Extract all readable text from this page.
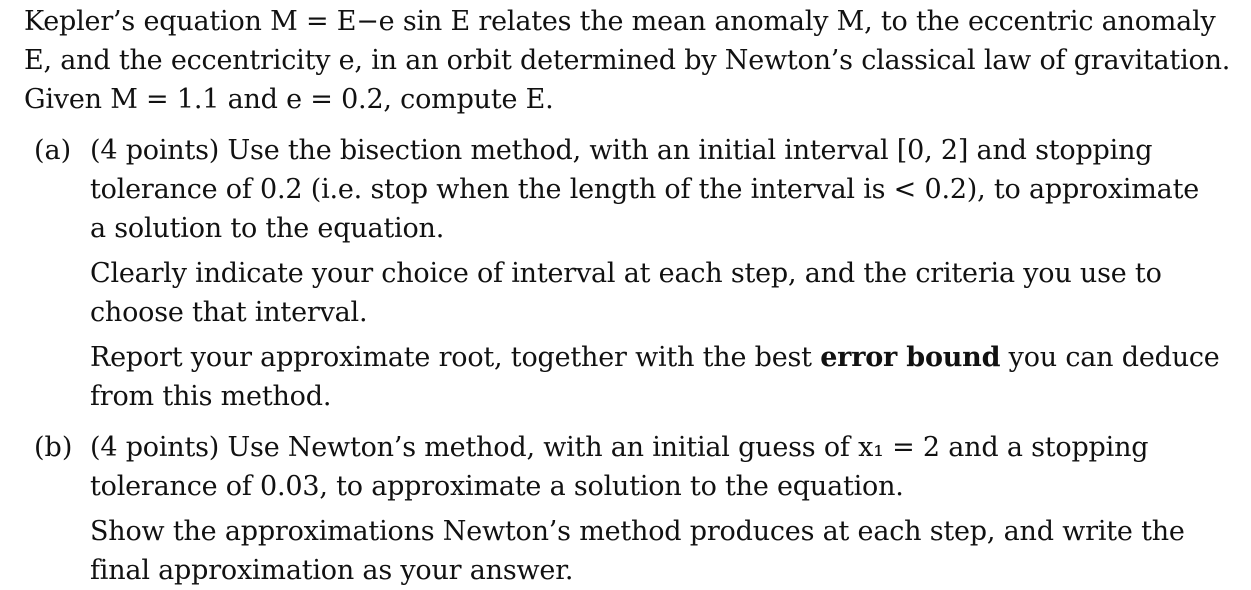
Kepler’s equation M = E−e sin E relates the mean anomaly M, to the eccentric anomaly
E, and the eccentricity e, in an orbit determined by Newton’s classical law of gravitation.
Given M = 1.1 and e = 0.2, compute E.
(a) (4 points) Use the bisection method, with an initial interval [0, 2] and stopping
tolerance of 0.2 (i.e. stop when the length of the interval is < 0.2), to approximate
a solution to the equation.
Clearly indicate your choice of interval at each step, and the criteria you use to
choose that interval.
Report your approximate root, together with the best error bound you can deduce
from this method.
(b) (4 points) Use Newton’s method, with an initial guess of x₁ = 2 and a stopping
tolerance of 0.03, to approximate a solution to the equation.
Show the approximations Newton’s method produces at each step, and write the
final approximation as your answer.
